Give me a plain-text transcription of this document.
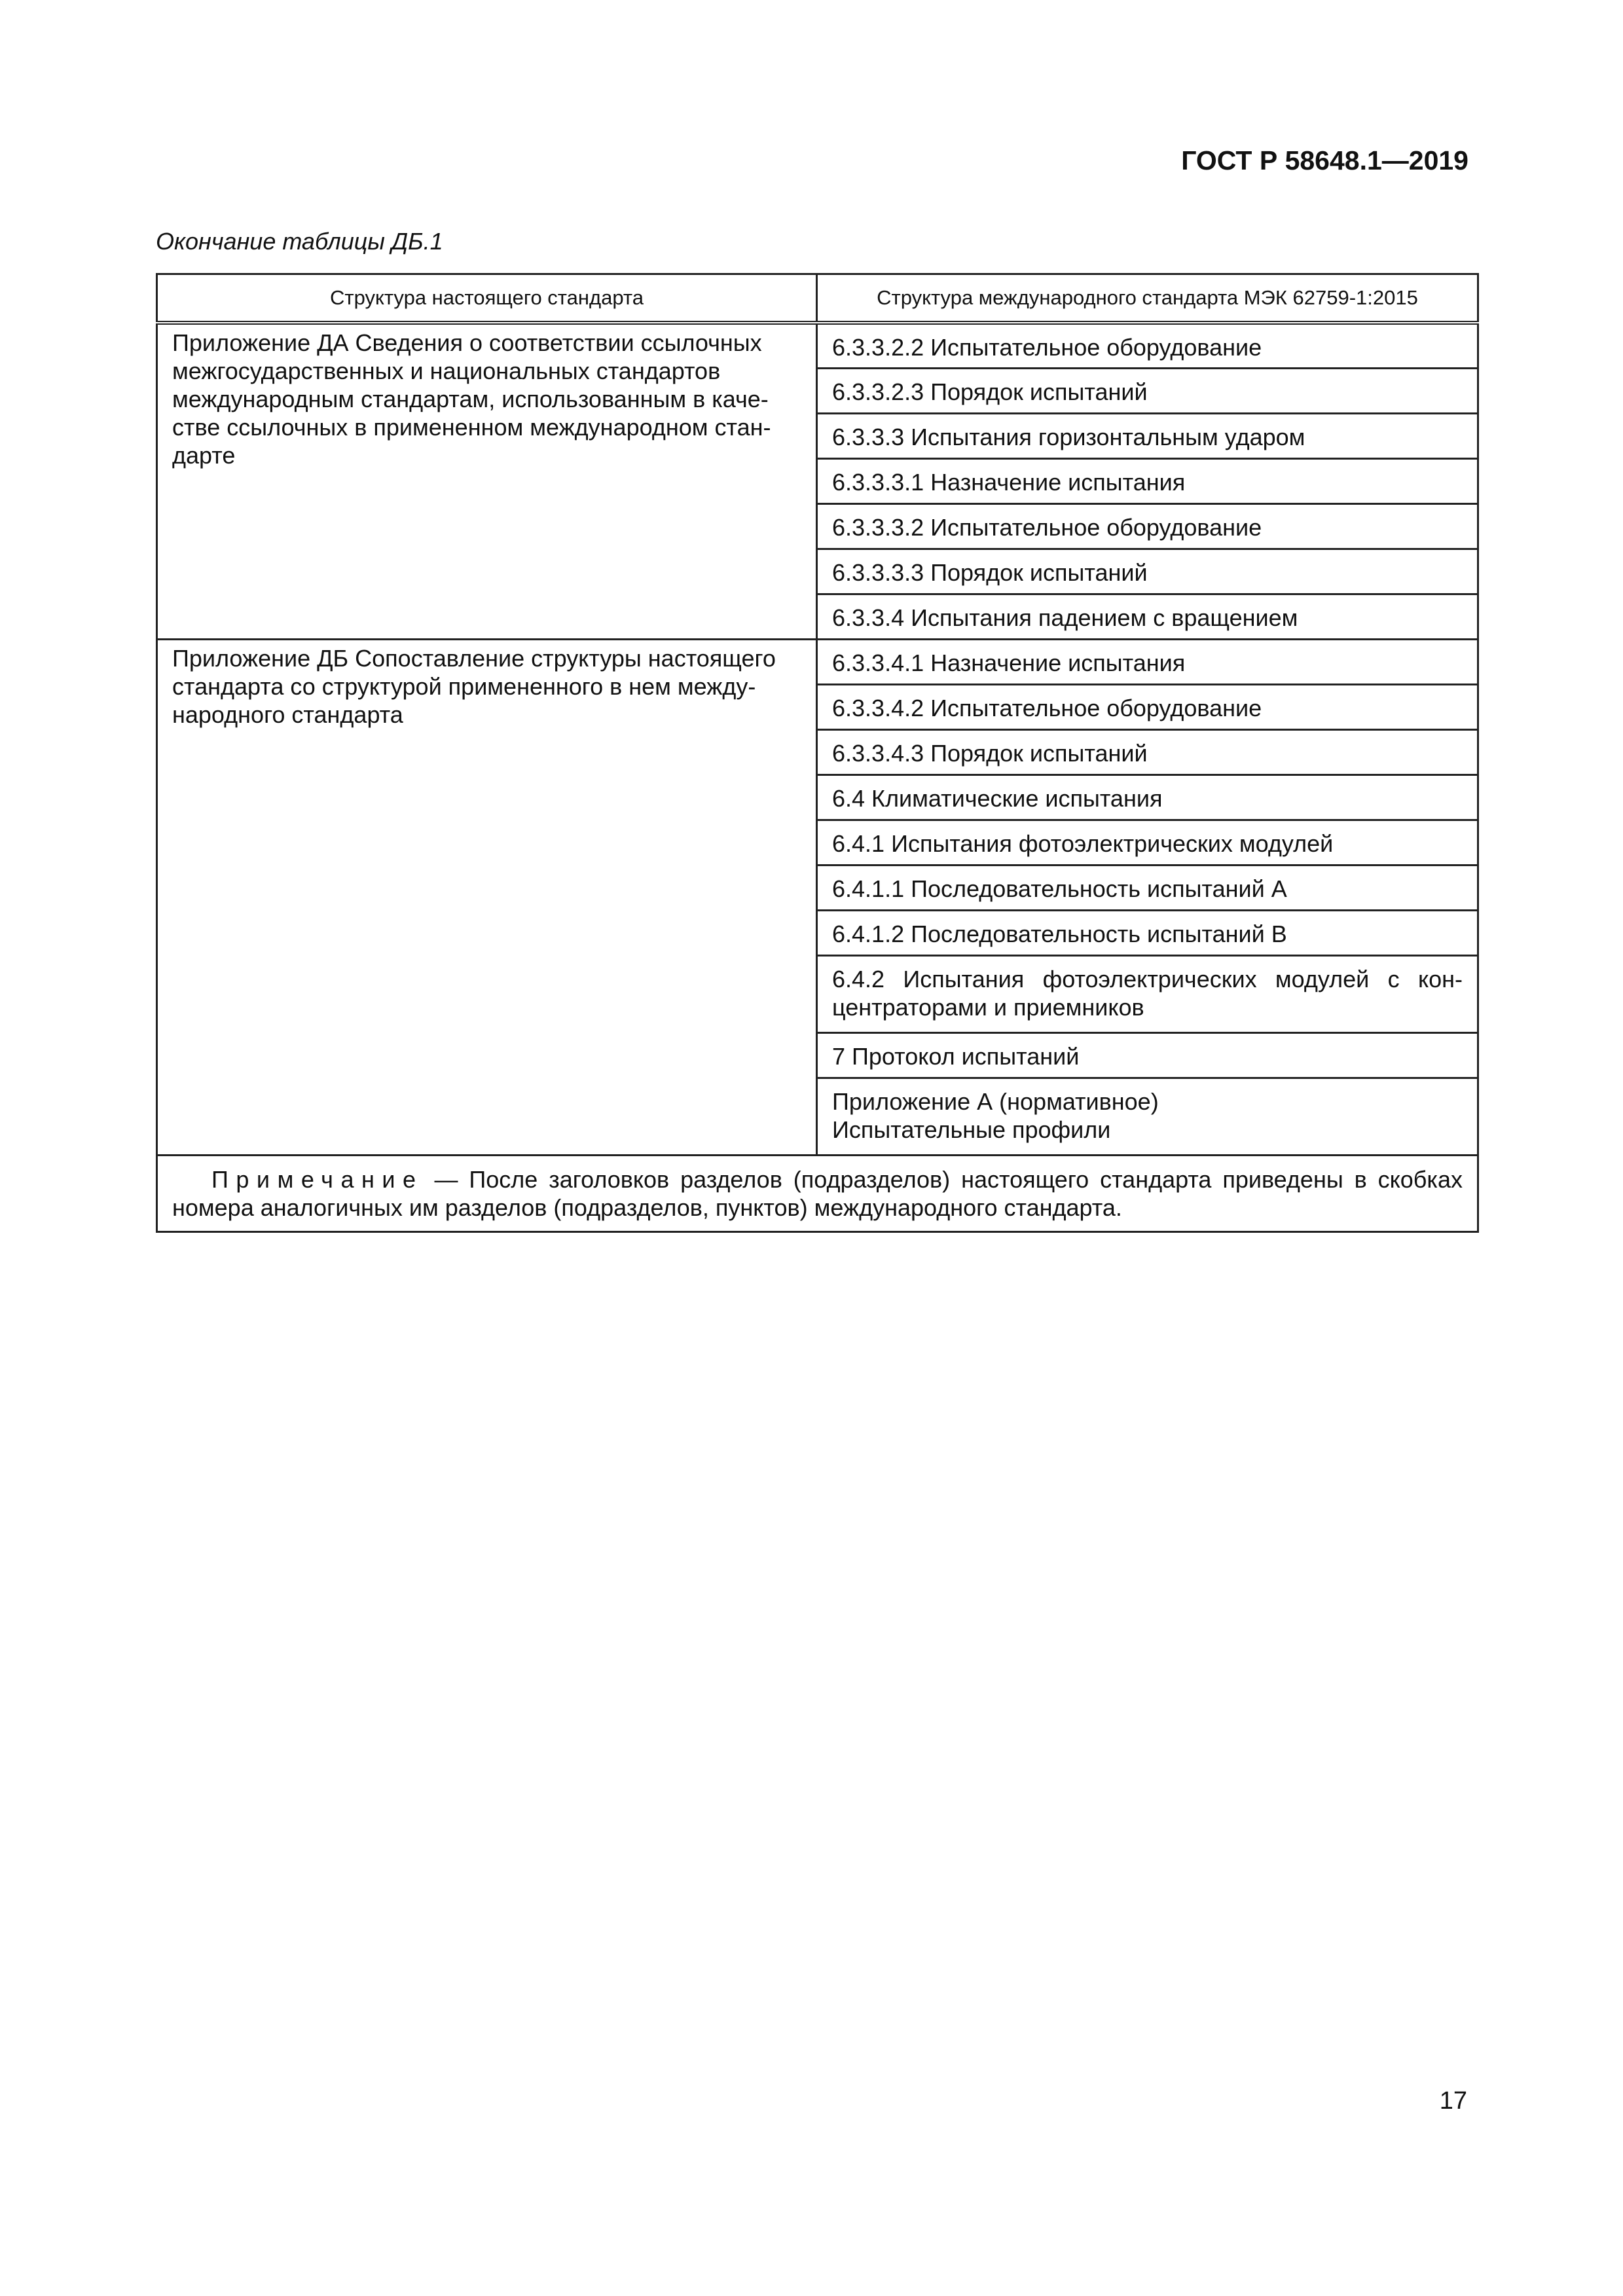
ГОСТ Р 58648.1—2019
Окончание таблицы ДБ.1
Структура настоящего стандарта	Структура международного стандарта МЭК 62759-1:2015

Приложение ДА Сведения о соответствии ссылочных
межгосударственных и национальных стандартов
международным стандартам, использованным в каче-
стве ссылочных в примененном международном стан-
дарте	6.3.3.2.2 Испытательное оборудование
	6.3.3.2.3 Порядок испытаний
	6.3.3.3 Испытания горизонтальным ударом
	6.3.3.3.1 Назначение испытания
	6.3.3.3.2 Испытательное оборудование
	6.3.3.3.3 Порядок испытаний
	6.3.3.4 Испытания падением с вращением

Приложение ДБ Сопоставление структуры настоящего
стандарта со структурой примененного в нем между-
народного стандарта	6.3.3.4.1 Назначение испытания
	6.3.3.4.2 Испытательное оборудование
	6.3.3.4.3 Порядок испытаний
	6.4 Климатические испытания
	6.4.1 Испытания фотоэлектрических модулей
	6.4.1.1 Последовательность испытаний А
	6.4.1.2 Последовательность испытаний В

	6.4.2 Испытания фотоэлектрических модулей с кон-
центраторами и приемников

	7 Протокол испытаний

	Приложение А (нормативное)
Испытательные профили

Примечание — После заголовков разделов (подразделов) настоящего стандарта приведены в скобках номера аналогичных им разделов (подразделов, пунктов) международного стандарта.	
17
